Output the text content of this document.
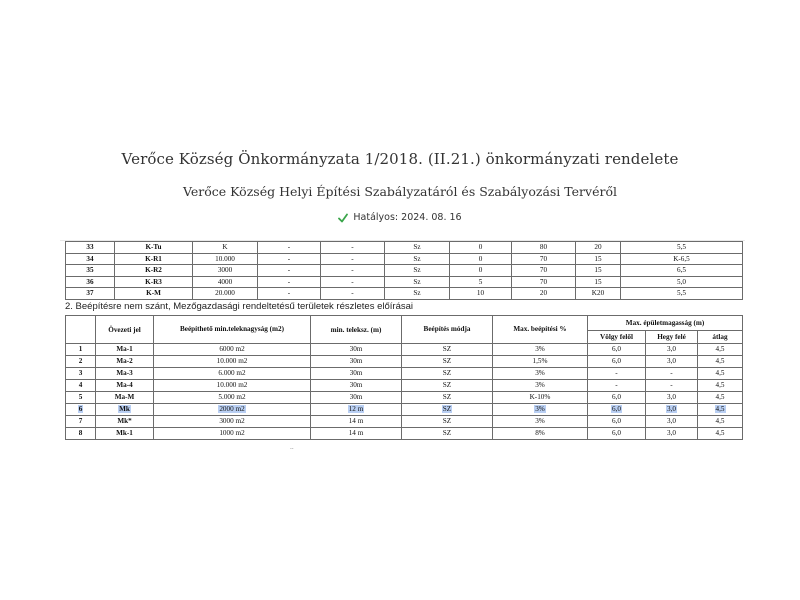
Verőce Község Önkormányzata 1/2018. (II.21.) önkormányzati rendelete
Verőce Község Helyi Építési Szabályzatáról és Szabályozási Tervéről
Hatályos: 2024. 08. 16
33	K-Tu	K	-	-	Sz	0	80	20	5,5
34	K-R1	10.000	-	-	Sz	0	70	15	K-6,5
35	K-R2	3000	-	-	Sz	0	70	15	6,5
36	K-R3	4000	-	-	Sz	5	70	15	5,0
37	K-M	20.000	-	-	Sz	10	20	K20	5,5
2. Beépítésre nem szánt, Mezőgazdasági rendeltetésű területek részletes előírásai
	Övezeti jel	Beépíthető min.teleknagyság (m2)	min. teleksz. (m)	Beépítés módja	Max. beépítési %	Max. épületmagasság (m)		
						Völgy felől	Hegy felé	átlag
1	Ma-1	6000 m2	30m	SZ	3%	6,0	3,0	4,5
2	Ma-2	10.000 m2	30m	SZ	1,5%	6,0	3,0	4,5
3	Ma-3	6.000 m2	30m	SZ	3%	-	-	4,5
4	Ma-4	10.000 m2	30m	SZ	3%	-	-	4,5
5	Ma-M	5.000 m2	30m	SZ	K-10%	6,0	3,0	4,5
6	Mk	2000 m2	12 m	SZ	3%	6,0	3,0	4,5
7	Mk*	3000 m2	14 m	SZ	3%	6,0	3,0	4,5
8	Mk-1	1000 m2	14 m	SZ	8%	6,0	3,0	4,5
··
